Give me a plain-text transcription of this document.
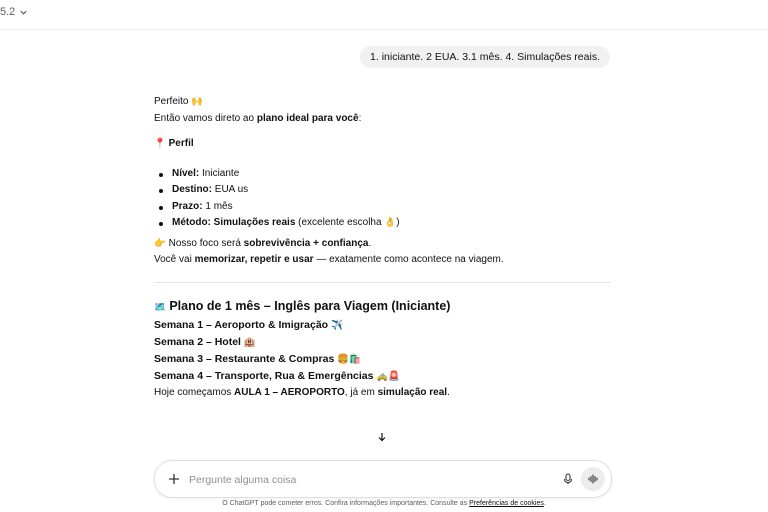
5.2
1. iniciante. 2 EUA. 3.1 mês. 4. Simulações reais.

Perfeito 🙌

Então vamos direto ao plano ideal para você:

📍 Perfil

Nível: Iniciante
Destino: EUA us
Prazo: 1 mês
Método: Simulações reais (excelente escolha 👌)

👉 Nosso foco será sobrevivência + confiança.

Você vai memorizar, repetir e usar — exatamente como acontece na viagem.

🗺️ Plano de 1 mês – Inglês para Viagem (Iniciante)

Semana 1 – Aeroporto & Imigração ✈️

Semana 2 – Hotel 🏨

Semana 3 – Restaurante & Compras 🍔🛍️

Semana 4 – Transporte, Rua & Emergências 🚕🚨

Hoje começamos AULA 1 – AEROPORTO, já em simulação real.

Pergunte alguma coisa
O ChatGPT pode cometer erros. Confira informações importantes. Consulte as Preferências de cookies.
